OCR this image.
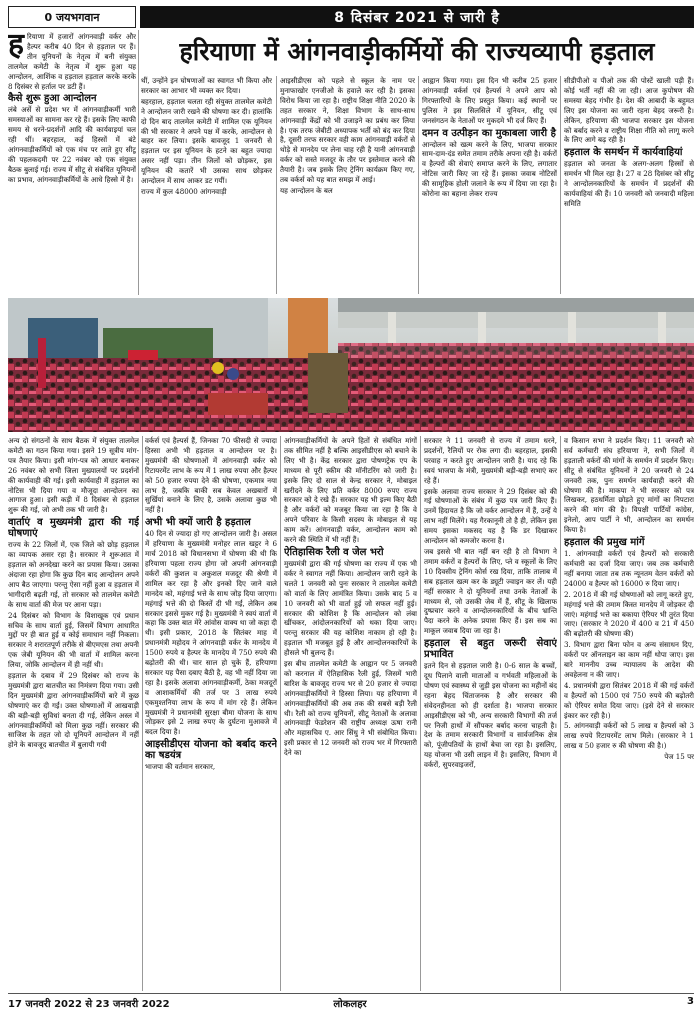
0 जयभगवान	8 दिसंबर 2021 से जारी है
हरियाणा में आंगनवाड़ीकर्मियों की राज्यव्यापी हड़ताल
ह रियाणा में हजारों आंगनवाड़ी वर्कर और हैल्पर करीब 40 दिन से हड़ताल पर हैं। तीन यूनियनों के नेतृत्व में बनी संयुक्त तालमेल कमेटी के नेतृत्व में शुरू हुआ यह आन्दोलन, आशिंक व हड़ताल हड़ताल करके करके 8 दिसंबर से हर्ताल पर डटी हैं।

कैसे शुरू हुआ आन्दोलन

लंबे अर्से से प्रदेश भर में आंगनवाड़ीकर्मी भारी समस्याओं का सामना कर रहे हैं। इसके लिए काफी समय से धरने-प्रदर्शनों आदि की कार्यवाइयां चल रही थीं। बहरहाल, कई हिस्सों में बंटे आंगनवाड़ीकर्मियों को एक मंच पर लाते हुए सीटू की पहलकदमी पर 22 नवंबर को एक संयुक्त बैठक बुलाई गई। राज्य में सीटू से संबंधित यूनियनों का प्रभाव, आंगनवाड़ीकर्मियों के आधे हिस्से में है।

थीं, उन्होंने इन घोषणाओं का स्वागत भी किया और सरकार का आभार भी व्यक्त कर दिया।

बहरहाल, हड़ताल चलता रही संयुक्त तालमेल कमेटी ने आन्दोलन जारी रखने की घोषणा कर दी। हालांकि दो दिन बाद तालमेल कमेटी में शामिल एक यूनियन की भी सरकार ने अपने पक्ष में करके, आन्दोलन से बाहर कर लिया। इसके बावजूद 1 जनवरी से हड़ताल पर इस यूनियन के हटने का बहुत ज्यादा असर नहीं पड़ा। तीन जिलों को छोड़कर, इस यूनियन की कतारें भी उसका साथ छोड़कर आन्दोलन में साथ आकर डट गयीं।

राज्य में कुल 48000 आंगनवाड़ी

आइसीडीएस को पहले से स्कूल के नाम पर मुनाफाखोर एनजीओ के हवाले कर रही है। इसका विरोध किया जा रहा है। राष्ट्रीय शिक्षा नीति 2020 के तहत सरकार ने, शिक्षा विभाग के साथ-साथ आंगनवाड़ी केंद्रों को भी उजाड़ने का प्रबंध कर लिया है। एक तरफ जेबीटी अध्यापक भर्ती को बंद कर दिया है, दूसरी तरफ सरकार वही काम आंगनवाड़ी वर्करों से थोड़े से मानदेय पर लेना चाह रही है यानी आंगनवाड़ी वर्कर को सस्ते मजदूर के तौर पर इस्तेमाल करने की तैयारी है। जब इसके लिए ट्रेनिंग कार्यक्रम किए गए, तब वर्कर्स को यह बात समझ में आई।

यह आन्दोलन के बल

आह्वान किया गया। इस दिन भी करीब 25 हजार आंगनवाड़ी वर्कर्स एवं हैल्पर्स ने अपने आप को गिरफ्तारियों के लिए प्रस्तुत किया। कई स्थानों पर पुलिस ने इस सिलसिले में यूनियन, सीटू एवं जनसंगठन के नेताओं पर मुकदमे भी दर्ज किए हैं।

दमन व उत्पीड़न का मुकाबला जारी है

आन्दोलन को खत्म करने के लिए, भाजपा सरकार साम-दाम-दंड समेत तमाम तरीके अपना रही है। वर्करों व हैल्परों की सेवाएं समाप्त करने के लिए, लगातार नोटिस जारी किए जा रहे हैं। इसका जवाब नोटिसों की सामूहिक होली जलाने के रूप में दिया जा रहा है। कोरोना का बहाना लेकर राज्य

सीडीपीओ व पीओ तक की पोस्टें खाली पड़ी हैं। कोई भर्ती नहीं की जा रही। आज कुपोषण की समस्या बेहद गंभीर है। देश की आबादी के बहुमत लिए इस योजना का जारी रहना बेहद जरूरी है। लेकिन, हरियाणा की भाजपा सरकार इस योजना को बर्बाद करने व राष्ट्रीय शिक्षा नीति को लागू करने के लिए आगे बढ़ रही है।

हड़ताल के समर्थन में कार्यवाहियां

हड़ताल को जनता के अलग-अलग हिस्सों से समर्थन भी मिल रहा है। 27 व 28 दिसंबर को सीटू ने आन्दोलनकारियों के समर्थन में प्रदर्शनों की कार्यवाहियां की हैं। 10 जनवरी को जनवादी महिला समिति

अन्य दो संगठनों के साथ बैठक में संयुक्त तालमेल कमेटी का गठन किया गया। इसने 19 सूत्रीय मांग-पत्र तैयार किया। इसी मांग-पत्र को आधार बनाकर 26 नवंबर को सभी जिला मुख्यालयों पर प्रदर्शनों की कार्यवाही की गई। इसी कार्यवाही में हड़ताल का नोटिस भी दिया गया व मौजूदा आन्दोलन का आगाज हुआ। इसी कड़ी में 8 दिसंबर से हड़ताल शुरू की गई, जो अभी तक भी जारी है।

वार्ताएं व मुख्यमंत्री द्वारा की गई घोषणाएं

राज्य के 22 जिलों में, एक जिले को छोड़ हड़ताल का व्यापक असर रहा है। सरकार ने शुरूआत में हड़ताल को अनदेखा करने का प्रयास किया। उसका अंदाजा रहा होगा कि कुछ दिन बाद आन्दोलन अपने आप बैठ जाएगा। परन्तु ऐसा नहीं हुआ व हड़ताल में भागीदारी बढ़ती गई, तो सरकार को तालमेल कमेटी के साथ वार्ता की मेज पर आना पड़ा।

24 दिसंबर को विभाग के विशाखूक एवं प्रधान सचिव के साथ वार्ता हुई, जिसमें विभाग आधारित मुद्दों पर ही बात हुई व कोई समाधान नहीं निकला। सरकार ने शरारतपूर्ण तरीके से बीएमएस तथा अपनी एक जेबी यूनियन की भी वार्ता में शामिल करना लिया, जोकि आन्दोलन में ही नहीं थी।

हड़ताल के दबाव में 29 दिसंबर को राज्य के मुख्यमंत्री द्वारा बातचीत का निमंत्रण दिया गया। उसी दिन मुख्यमंत्री द्वारा आंगनवाड़ीकर्मियों बारे में कुछ घोषणाएं कर दी गईं। उक्त घोषणाओं में आखवाड़ी की बड़ी-बड़ी सुविधां बनता दी गई, लेकिन अस्ल में आंगनवाड़ीकर्मियों को मिला कुछ नहीं। सरकार की साजिश के तहत जो दो यूनियनें आन्दोलन में नहीं होने के बावजूद बातचीत में बुलायी गयी

वर्कर्स एवं हैल्पर्स हैं, जिनका 70 फीसदी से ज्यादा हिस्सा अभी भी हड़ताल व आन्दोलन पर है। मुख्यमंत्री की घोषणाओं में आंगनवाड़ी वर्कर को रिटायरमेंट लाभ के रूप में 1 लाख रुपया और हैल्पर को 50 हजार रुपया देने की घोषणा, एकमात्र नया लाभ है, जबकि बाकी सब केवल अखबारों में सुर्खियां बनाने के लिए है, उसके अलावा कुछ भी नहीं है।

अभी भी क्यों जारी है हड़ताल

40 दिन से ज्यादा हो गए आन्दोलन जारी है। असल में हरियाणा के मुख्यमंत्री मनोहर लाल खट्टर ने 6 मार्च 2018 को विधानसभा में घोषणा की थी कि हरियाणा पहला राज्य होगा जो अपनी आंगनवाड़ी वर्करों की कुशल व अकुशल मजदूर की श्रेणी में शामिल कर रहा है और इनको दिए जाने वाले मानदेय को, महंगाई भत्ते के साथ जोड़ दिया जाएगा। महंगाई भत्ते की दो किस्तें दी भी गईं, लेकिन अब सरकार इससे मुकर गई है। मुख्यमंत्री ने स्वयं वार्ता में कहा कि उक्त बात मेरे आंवोस वाक्य था जो कहा दी थी। इसी प्रकार, 2018 के सितंबर माह में प्रधानमंत्री महोदय ने आंगनवाड़ी वर्कर के मानदेय में 1500 रुपये व हैल्पर के मानदेय में 750 रुपये की बढ़ोतरी की थी। चार साल हो चुके हैं, हरियाणा सरकार यह पैसा दबाए बैठी है, वह भी नहीं दिया जा रहा है। इसके अलावा आंगनवाड़ीकर्मी, ठेका मजदूरों व आशाकर्मियों की तर्ज पर 3 लाख रुपये एकमुश्तनिया लाभ के रूप में मांग रहे हैं। लेकिन मुख्यमंत्री ने प्रधानमंत्री सुरक्षा बीमा योजना के साथ जोड़कर इसे 2 लाख रुपए के दुर्घटना मुआवजे में बदल दिया है।

आइसीडीएस योजना को बर्बाद करने का षडयंत्र

भाजपा की वर्तमान सरकार,

आंगनवाड़ीकर्मियों के अपने हितों से संबंधित मांगों तक सीमित नहीं है बल्कि आइसीडीएस को बचाने के लिए भी है। केंद्र सरकार द्वारा पोषणट्रेक एप के माध्यम से पूरी स्कीम की मॉनीटरिंग को जारी है। इसके लिए दो साल से केन्द्र सरकार ने, मोबाइल खरीदने के लिए प्रति वर्कर 8000 रुपए राज्य सरकार को दे रखे हैं। सरकार यह भी इल्म किए बैठी है और वर्करों को मजबूर किया जा रहा है कि वे अपने परिवार के किसी सदस्य के मोबाइल से यह काम करें। आंगनवाड़ी वर्कर, आन्दोलन काम को करने की स्थिति में भी नहीं हैं।

ऐतिहासिक रैली व जेल भरो

मुख्यमंत्री द्वारा की गई घोषणा का राज्य में एक भी वर्कर ने स्वागत नहीं किया। आन्दोलन जारी रहने के चलते 1 जनवरी को पुनः सरकार ने तालमेल कमेटी को वार्ता के लिए आमंत्रित किया। उसके बाद 5 व 10 जनवरी को भी वार्ता हुई जो सफल नहीं हुई। सरकार की कोशिश है कि आन्दोलन को लंबा खींचकर, आंदोलनकारियों को थका दिया जाए। परन्तु सरकार की यह कोशिश नाकाम हो रही है। हड़ताल भी मजबूत हुई है और आन्दोलनकारियों के हौसले भी बुलन्द हैं।

इस बीच तालमेल कमेटी के आह्वान पर 5 जनवरी को करनाल में ऐतिहासिक रैली हुई, जिसमें भारी बारिश के बावजूद राज्य भर से 20 हजार से ज्यादा आंगनवाड़ीकर्मियों ने हिस्सा लिया। यह हरियाणा में आंगनवाड़ीकर्मियों की अब तक की सबसे बड़ी रैली थी। रैली को राज्य यूनियनों, सीटू नेताओं के अलावा आंगनवाड़ी फेडरेशन की राष्ट्रीय अध्यक्ष ऊषा रानी और महासचिव ए. आर सिंधु ने भी संबोधित किया। इसी प्रकार से 12 जनवरी को राज्य भर में गिरफ्तारी देने का

सरकार ने 11 जनवरी से राज्य में तमाम धरने, प्रदर्शनों, रैलियों पर रोक लगा दी। बहरहाल, इसकी परवाह न करते हुए आन्दोलन जारी है। याद रहे कि स्वयं भाजपा के मंत्री, मुख्यमंत्री बड़ी-बड़ी सभाएं कर रहे हैं।

इसके अलावा राज्य सरकार ने 29 दिसंबर को की गई घोषणाओं के संबंध में कुछ पत्र जारी किए हैं। उनमें हिदायत है कि जो वर्कर आन्दोलन में हैं, उन्हें ये लाभ नहीं मिलेंगे। यह गैरकानूनी तो है ही, लेकिन इस समय इसका मकसद यह है कि डर दिखाकर आन्दोलन को कमजोर करना है।

जब इससे भी बात नहीं बन रही है तो विभाग ने तमाम वर्करों व हैल्परों के लिए, प्ले व स्कूलों के लिए 10 दिवसीय ट्रेनिंग कोर्स रख दिया, ताकि तालाब में सब हड़ताल खत्म कर के ड्यूटी ज्वाइन कर लें। यही नहीं सरकार ने दो यूनियनों तथा उनके नेताओं के माध्यम से, जो उसकी जेब में हैं, सीटू के खिलाफ दुष्प्रचार करने व आन्दोलनकारियों के बीच भ्रान्ति पैदा करने के अनेक प्रयास किए हैं। इस सब का माकूल जवाब दिया जा रहा है।

हड़ताल से बहुत जरूरी सेवाएं प्रभावित

इतने दिन से हड़ताल जारी है। 0-6 साल के बच्चों, दूध पिलाने वाली माताओं व गर्भवती महिलाओं के पोषण एवं स्वास्थ्य से जुड़ी इस योजना का महीनों बंद रहना बेहद चिंताजनक है और सरकार की संवेदनहीनता को ही दर्शाता है। भाजपा सरकार आइसीडीएस को भी, अन्य सरकारी विभागों की तर्ज पर निजी हाथों में सौंपकर बर्बाद करना चाहती है। देश के तमाम सरकारी विभागों व सार्वजनिक क्षेत्र को, पूंजीपतियों के हाथों बेचा जा रहा है। इसलिए, यह योजना भी उसी लाइन में है। इसलिए, विभाग में वर्करों, सुपरवाइजरों,

व किसान सभा ने प्रदर्शन किए। 11 जनवरी को सर्व कर्मचारी संघ हरियाणा ने, सभी जिलों में हड़ताली वर्करों की मांगों के समर्थन में प्रदर्शन किए। सीटू से संबंधित यूनियनों ने 20 जनवरी से 24 जनवरी तक, पुनः समर्थन कार्यवाही करने की घोषणा की है। माकपा ने भी सरकार को पत्र लिखकर, हठधर्मिता छोड़ते हुए मांगों का निपटारा करने की मांग की है। विपक्षी पार्टियों कांग्रेस, इनेलो, आप पार्टी ने भी, आन्दोलन का समर्थन किया है।

हड़ताल की प्रमुख मांगें

1. आंगनवाड़ी वर्करों एवं हैल्परों को सरकारी कर्मचारी का दर्जा दिया जाए। जब तक कर्मचारी नहीं बनाया जाता तब तक न्यूनतम वेतन वर्करों को 24000 व हैल्पर को 16000 रु दिया जाए।

2. 2018 में की गई घोषणाओं को लागू करते हुए, महंगाई भत्ते की तमाम किस्त मानदेय में जोड़कर दी जाएं। महंगाई भत्ते का बकाया ऐरियर भी तुरंत दिया जाए। (सरकार ने 2020 में 400 व 21 में 450 की बढ़ोतरी की घोषणा की)

3. विभाग द्वारा बिना फोन व अन्य संसाधन दिए, वर्करों पर ऑनलाइन का काम नहीं थोपा जाए। इस बारे माननीय उच्च न्यायालय के आदेश की अवहेलना न की जाए।

4. प्रधानमंत्री द्वारा सितंबर 2018 में की गई वर्करों व हैल्परों को 1500 एवं 750 रुपये की बढ़ोतरी को ऐरियर समेत दिया जाए। (इसे देने से सरकार इंकार कर रही है।)

5. आंगनवाड़ी वर्करों को 5 लाख व हैल्पर्स को 3 लाख रुपये रिटायरमेंट लाभ मिले। (सरकार ने 1 लाख व 50 हजार रु की घोषणा की है।)

पेज 15 पर

17 जनवरी 2022 से 23 जनवरी 2022	लोकलहर	3
